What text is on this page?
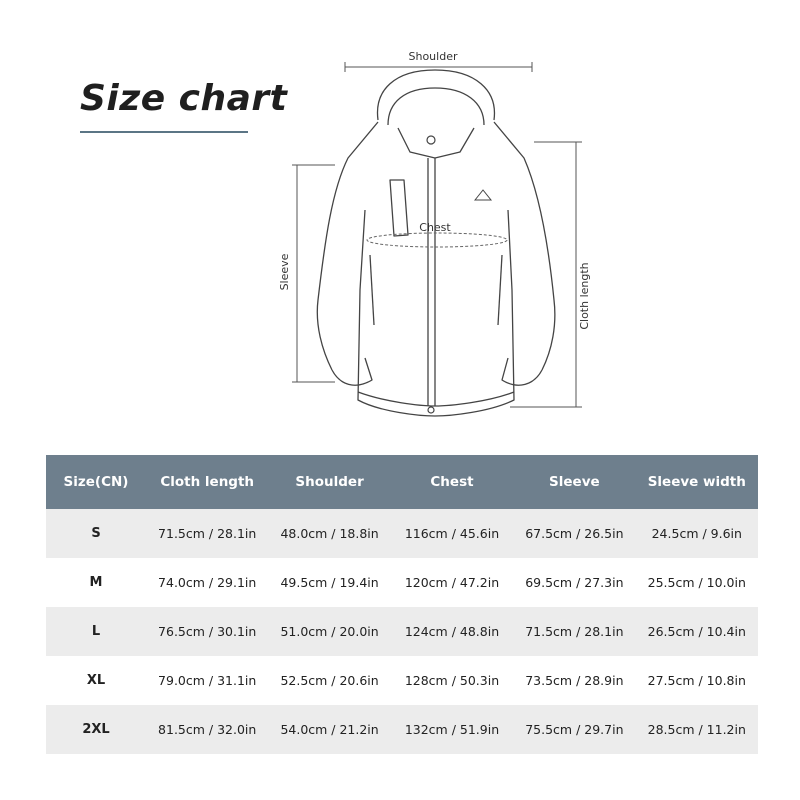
Size chart
Shoulder
Sleeve	Cloth length
Chest
Size(CN)	Cloth length	Shoulder	Chest	Sleeve	Sleeve width
S	71.5cm / 28.1in	48.0cm / 18.8in	116cm / 45.6in	67.5cm / 26.5in	24.5cm / 9.6in
M	74.0cm / 29.1in	49.5cm / 19.4in	120cm / 47.2in	69.5cm / 27.3in	25.5cm / 10.0in
L	76.5cm / 30.1in	51.0cm / 20.0in	124cm / 48.8in	71.5cm / 28.1in	26.5cm / 10.4in
XL	79.0cm / 31.1in	52.5cm / 20.6in	128cm / 50.3in	73.5cm / 28.9in	27.5cm / 10.8in
2XL	81.5cm / 32.0in	54.0cm / 21.2in	132cm / 51.9in	75.5cm / 29.7in	28.5cm / 11.2in
